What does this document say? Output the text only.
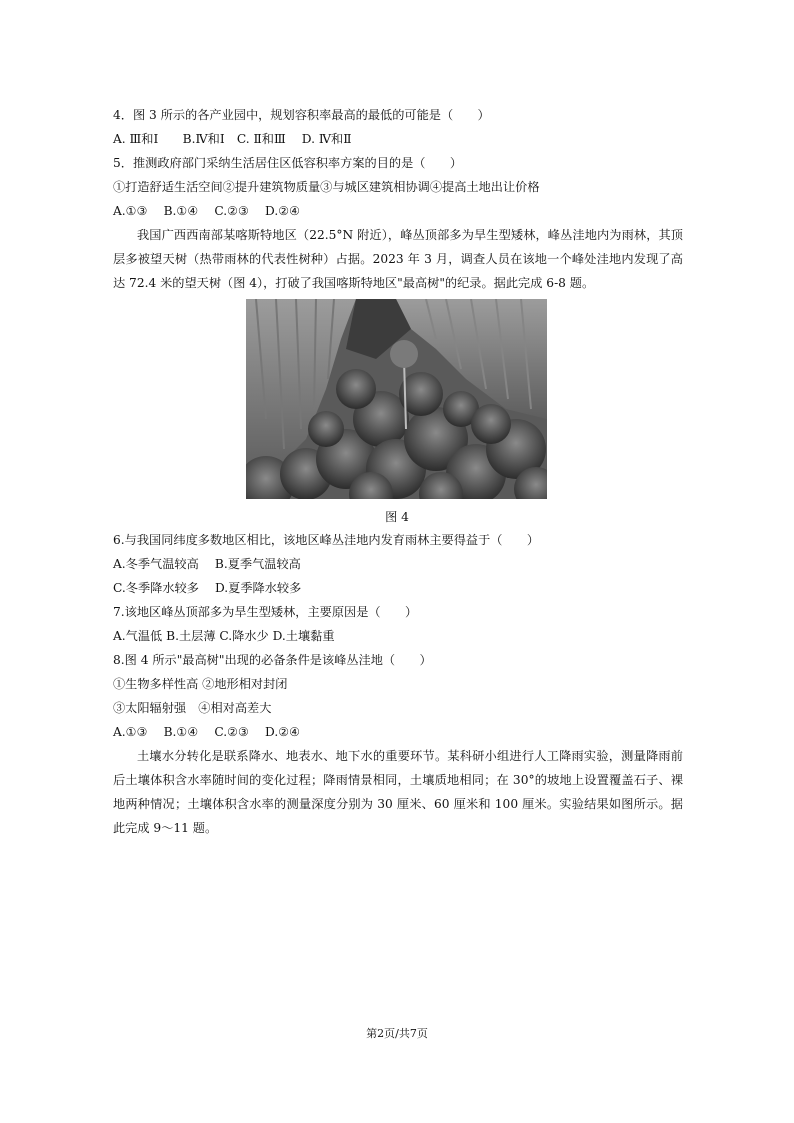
4．图 3 所示的各产业园中，规划容积率最高的最低的可能是（　　）
A. Ⅲ和Ⅰ　　B.Ⅳ和Ⅰ　C. Ⅱ和Ⅲ　 D. Ⅳ和Ⅱ
5．推测政府部门采纳生活居住区低容积率方案的目的是（　　）
①打造舒适生活空间②提升建筑物质量③与城区建筑相协调④提高土地出让价格
A.①③　 B.①④　 C.②③　 D.②④
我国广西西南部某喀斯特地区（22.5°N 附近），峰丛顶部多为旱生型矮林，峰丛洼地内为雨林，其顶层多被望天树（热带雨林的代表性树种）占据。2023 年 3 月，调查人员在该地一个峰处洼地内发现了高达 72.4 米的望天树（图 4），打破了我国喀斯特地区"最高树"的纪录。据此完成 6-8 题。
图 4
6.与我国同纬度多数地区相比，该地区峰丛洼地内发育雨林主要得益于（　　）
A.冬季气温较高　 B.夏季气温较高
C.冬季降水较多　 D.夏季降水较多
7.该地区峰丛顶部多为旱生型矮林，主要原因是（　　）
A.气温低 B.土层薄 C.降水少 D.土壤黏重
8.图 4 所示"最高树"出现的必备条件是该峰丛洼地（　　）
①生物多样性高 ②地形相对封闭
③太阳辐射强　④相对高差大
A.①③　 B.①④　 C.②③　 D.②④
土壤水分转化是联系降水、地表水、地下水的重要环节。某科研小组进行人工降雨实验，测量降雨前后土壤体积含水率随时间的变化过程；降雨情景相同，土壤质地相同；在 30°的坡地上设置覆盖石子、裸地两种情况；土壤体积含水率的测量深度分别为 30 厘米、60 厘米和 100 厘米。实验结果如图所示。据此完成 9～11 题。
第2页/共7页
